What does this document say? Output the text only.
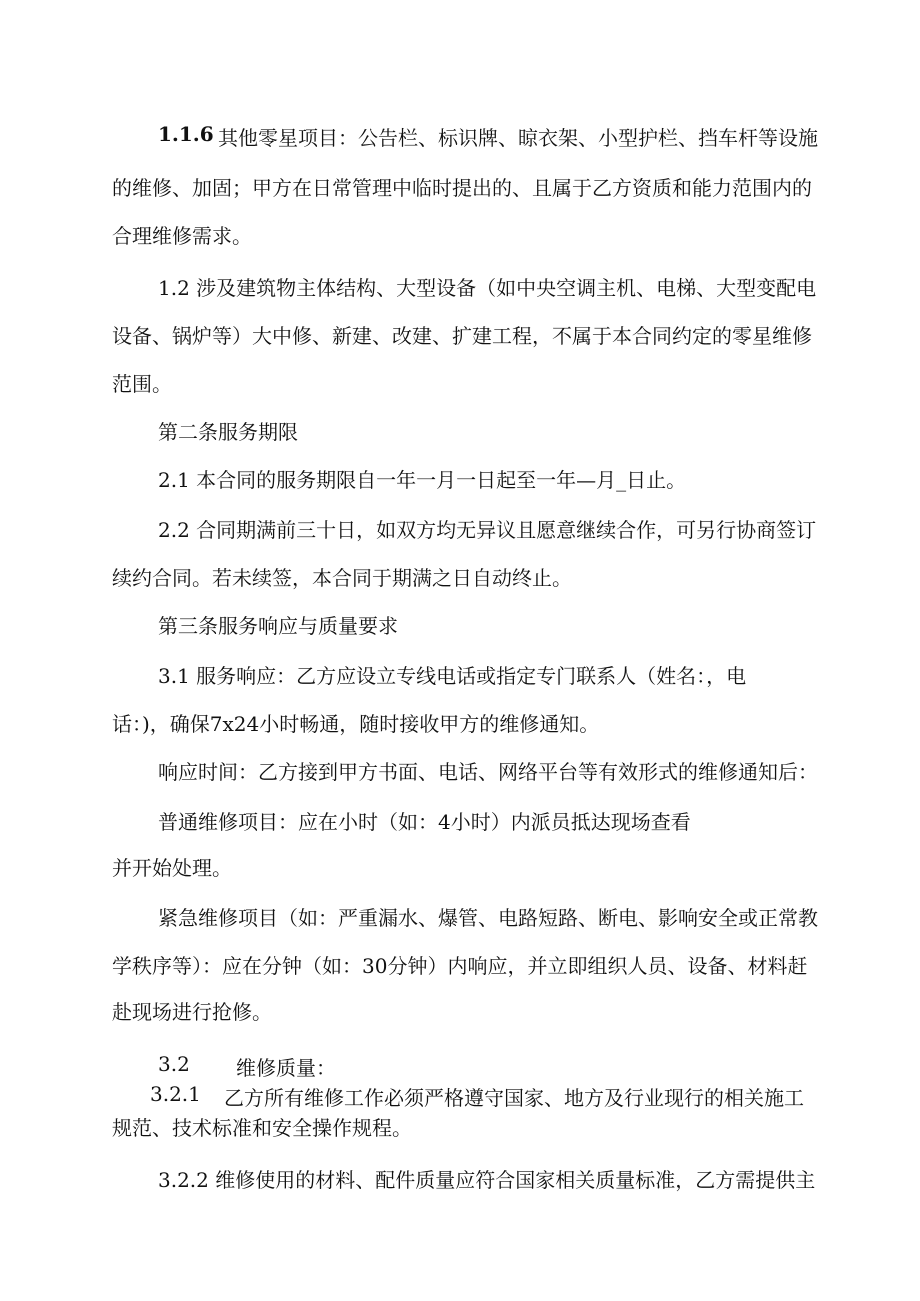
1.1.6 其他零星项目：公告栏、标识牌、晾衣架、小型护栏、挡车杆等设施
的维修、加固；甲方在日常管理中临时提出的、且属于乙方资质和能力范围内的
合理维修需求。
1.2 涉及建筑物主体结构、大型设备（如中央空调主机、电梯、大型变配电
设备、锅炉等）大中修、新建、改建、扩建工程，不属于本合同约定的零星维修
范围。
第二条服务期限
2.1 本合同的服务期限自一年一月一日起至一年—月_日止。
2.2 合同期满前三十日，如双方均无异议且愿意继续合作，可另行协商签订
续约合同。若未续签，本合同于期满之日自动终止。
第三条服务响应与质量要求
3.1 服务响应：乙方应设立专线电话或指定专门联系人（姓名：，电
话：)，确保7x24小时畅通，随时接收甲方的维修通知。
响应时间：乙方接到甲方书面、电话、网络平台等有效形式的维修通知后：
普通维修项目：应在小时（如：4小时）内派员抵达现场查看
并开始处理。
紧急维修项目（如：严重漏水、爆管、电路短路、断电、影响安全或正常教
学秩序等）：应在分钟（如：30分钟）内响应，并立即组织人员、设备、材料赶
赴现场进行抢修。
3.2 维修质量：
3.2.1 乙方所有维修工作必须严格遵守国家、地方及行业现行的相关施工
规范、技术标准和安全操作规程。
3.2.2 维修使用的材料、配件质量应符合国家相关质量标准，乙方需提供主
